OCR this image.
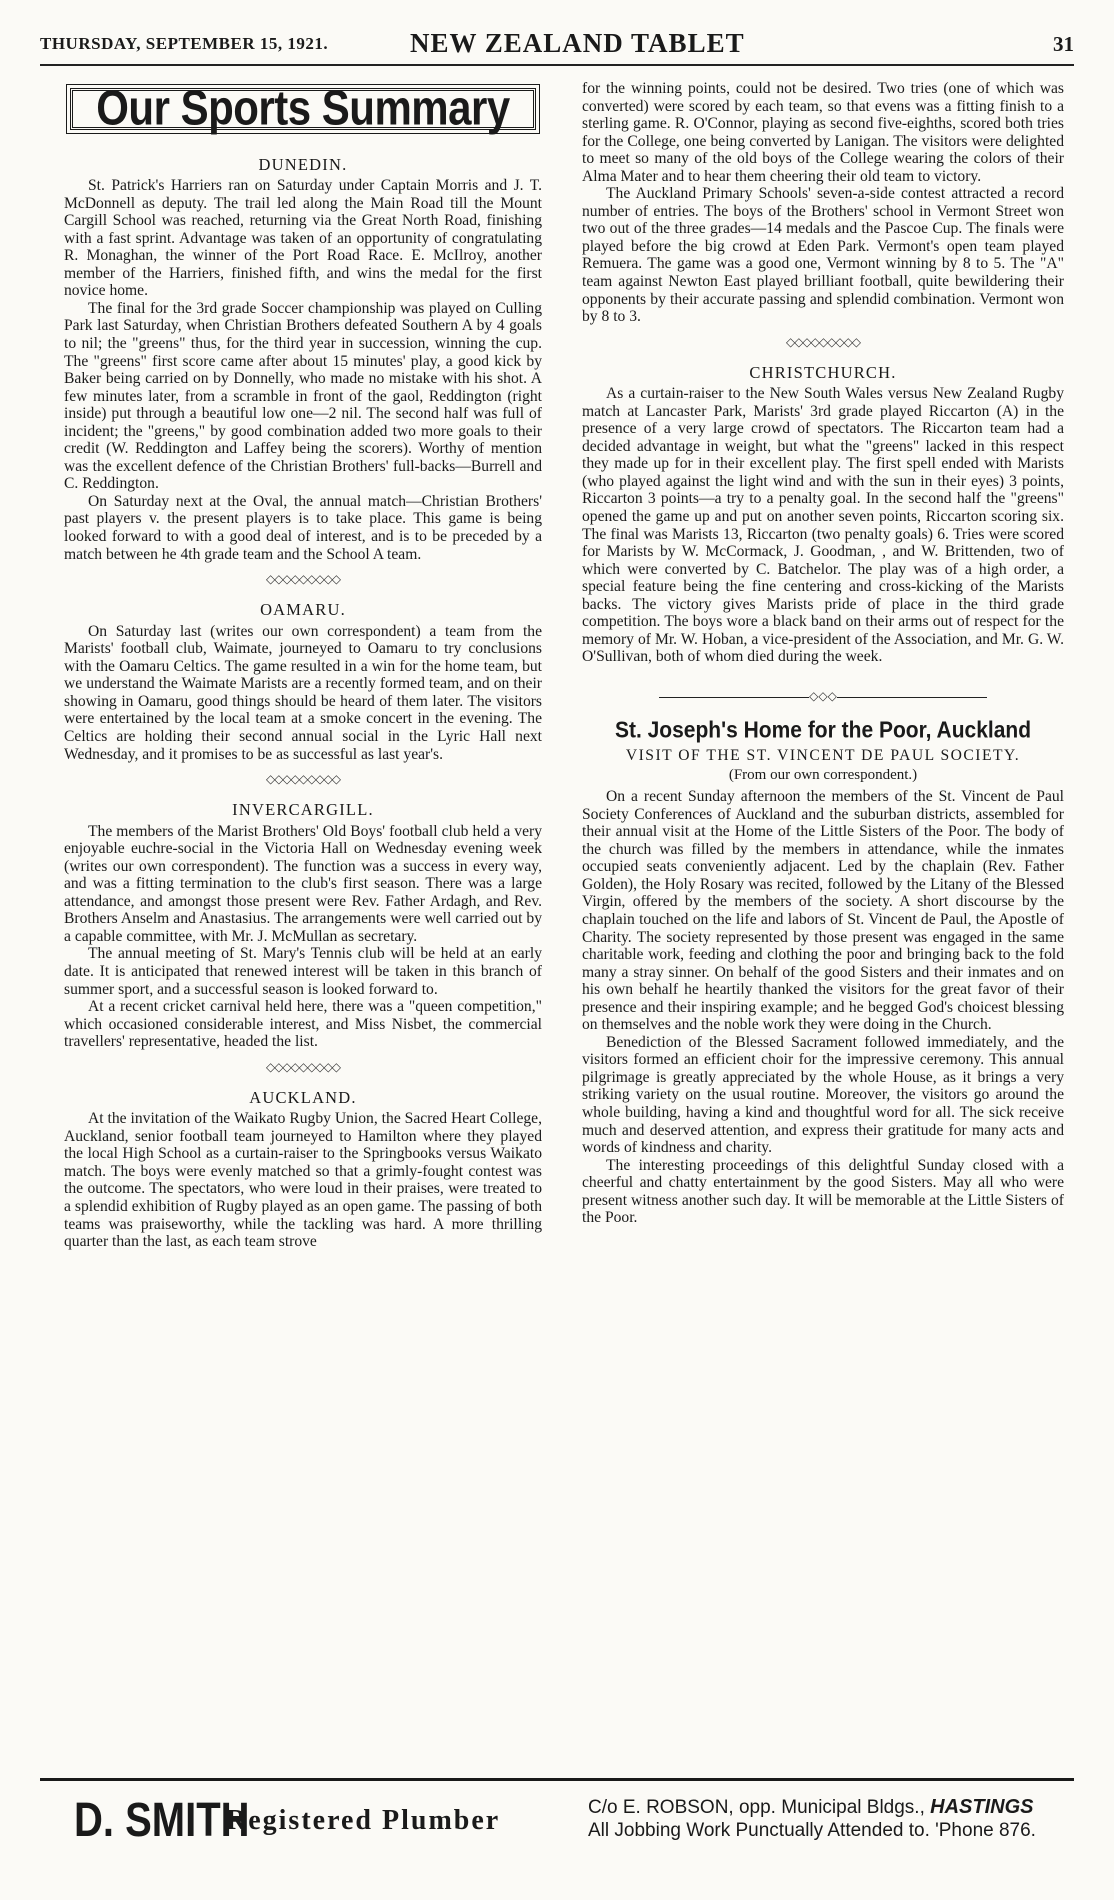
THURSDAY, SEPTEMBER 15, 1921.	NEW ZEALAND TABLET	31
Our Sports Summary
DUNEDIN.

St. Patrick's Harriers ran on Saturday under Captain Morris and J. T. McDonnell as deputy. The trail led along the Main Road till the Mount Cargill School was reached, returning via the Great North Road, finishing with a fast sprint. Advantage was taken of an opportunity of congratulating R. Monaghan, the winner of the Port Road Race. E. McIlroy, another member of the Harriers, finished fifth, and wins the medal for the first novice home.

The final for the 3rd grade Soccer championship was played on Culling Park last Saturday, when Christian Brothers defeated Southern A by 4 goals to nil; the "greens" thus, for the third year in succession, winning the cup. The "greens" first score came after about 15 minutes' play, a good kick by Baker being carried on by Donnelly, who made no mistake with his shot. A few minutes later, from a scramble in front of the gaol, Reddington (right inside) put through a beautiful low one—2 nil. The second half was full of incident; the "greens," by good combination added two more goals to their credit (W. Reddington and Laffey being the scorers). Worthy of mention was the excellent defence of the Christian Brothers' full-backs—Burrell and C. Reddington.

On Saturday next at the Oval, the annual match—Christian Brothers' past players v. the present players is to take place. This game is being looked forward to with a good deal of interest, and is to be preceded by a match between he 4th grade team and the School A team.

◇◇◇◇◇◇◇◇◇
OAMARU.

On Saturday last (writes our own correspondent) a team from the Marists' football club, Waimate, journeyed to Oamaru to try conclusions with the Oamaru Celtics. The game resulted in a win for the home team, but we understand the Waimate Marists are a recently formed team, and on their showing in Oamaru, good things should be heard of them later. The visitors were entertained by the local team at a smoke concert in the evening. The Celtics are holding their second annual social in the Lyric Hall next Wednesday, and it promises to be as successful as last year's.

◇◇◇◇◇◇◇◇◇
INVERCARGILL.

The members of the Marist Brothers' Old Boys' football club held a very enjoyable euchre-social in the Victoria Hall on Wednesday evening week (writes our own correspondent). The function was a success in every way, and was a fitting termination to the club's first season. There was a large attendance, and amongst those present were Rev. Father Ardagh, and Rev. Brothers Anselm and Anastasius. The arrangements were well carried out by a capable committee, with Mr. J. McMullan as secretary.

The annual meeting of St. Mary's Tennis club will be held at an early date. It is anticipated that renewed interest will be taken in this branch of summer sport, and a successful season is looked forward to.

At a recent cricket carnival held here, there was a "queen competition," which occasioned considerable interest, and Miss Nisbet, the commercial travellers' representative, headed the list.

◇◇◇◇◇◇◇◇◇
AUCKLAND.

At the invitation of the Waikato Rugby Union, the Sacred Heart College, Auckland, senior football team journeyed to Hamilton where they played the local High School as a curtain-raiser to the Springbooks versus Waikato match. The boys were evenly matched so that a grimly-fought contest was the outcome. The spectators, who were loud in their praises, were treated to a splendid exhibition of Rugby played as an open game. The passing of both teams was praiseworthy, while the tackling was hard. A more thrilling quarter than the last, as each team strove

for the winning points, could not be desired. Two tries (one of which was converted) were scored by each team, so that evens was a fitting finish to a sterling game. R. O'Connor, playing as second five-eighths, scored both tries for the College, one being converted by Lanigan. The visitors were delighted to meet so many of the old boys of the College wearing the colors of their Alma Mater and to hear them cheering their old team to victory.

The Auckland Primary Schools' seven-a-side contest attracted a record number of entries. The boys of the Brothers' school in Vermont Street won two out of the three grades—14 medals and the Pascoe Cup. The finals were played before the big crowd at Eden Park. Vermont's open team played Remuera. The game was a good one, Vermont winning by 8 to 5. The "A" team against Newton East played brilliant football, quite bewildering their opponents by their accurate passing and splendid combination. Vermont won by 8 to 3.

◇◇◇◇◇◇◇◇◇
CHRISTCHURCH.

As a curtain-raiser to the New South Wales versus New Zealand Rugby match at Lancaster Park, Marists' 3rd grade played Riccarton (A) in the presence of a very large crowd of spectators. The Riccarton team had a decided advantage in weight, but what the "greens" lacked in this respect they made up for in their excellent play. The first spell ended with Marists (who played against the light wind and with the sun in their eyes) 3 points, Riccarton 3 points—a try to a penalty goal. In the second half the "greens" opened the game up and put on another seven points, Riccarton scoring six. The final was Marists 13, Riccarton (two penalty goals) 6. Tries were scored for Marists by W. McCormack, J. Goodman, , and W. Brittenden, two of which were converted by C. Batchelor. The play was of a high order, a special feature being the fine centering and cross-kicking of the Marists backs. The victory gives Marists pride of place in the third grade competition. The boys wore a black band on their arms out of respect for the memory of Mr. W. Hoban, a vice-president of the Association, and Mr. G. W. O'Sullivan, both of whom died during the week.

◇◇◇
St. Joseph's Home for the Poor, Auckland
VISIT OF THE ST. VINCENT DE PAUL SOCIETY.

(From our own correspondent.)

On a recent Sunday afternoon the members of the St. Vincent de Paul Society Conferences of Auckland and the suburban districts, assembled for their annual visit at the Home of the Little Sisters of the Poor. The body of the church was filled by the members in attendance, while the inmates occupied seats conveniently adjacent. Led by the chaplain (Rev. Father Golden), the Holy Rosary was recited, followed by the Litany of the Blessed Virgin, offered by the members of the society. A short discourse by the chaplain touched on the life and labors of St. Vincent de Paul, the Apostle of Charity. The society represented by those present was engaged in the same charitable work, feeding and clothing the poor and bringing back to the fold many a stray sinner. On behalf of the good Sisters and their inmates and on his own behalf he heartily thanked the visitors for the great favor of their presence and their inspiring example; and he begged God's choicest blessing on themselves and the noble work they were doing in the Church.

Benediction of the Blessed Sacrament followed immediately, and the visitors formed an efficient choir for the impressive ceremony. This annual pilgrimage is greatly appreciated by the whole House, as it brings a very striking variety on the usual routine. Moreover, the visitors go around the whole building, having a kind and thoughtful word for all. The sick receive much and deserved attention, and express their gratitude for many acts and words of kindness and charity.

The interesting proceedings of this delightful Sunday closed with a cheerful and chatty entertainment by the good Sisters. May all who were present witness another such day. It will be memorable at the Little Sisters of the Poor.

D. SMITH
Registered Plumber	C/o E. ROBSON, opp. Municipal Bldgs., HASTINGS
All Jobbing Work Punctually Attended to. 'Phone 876.
